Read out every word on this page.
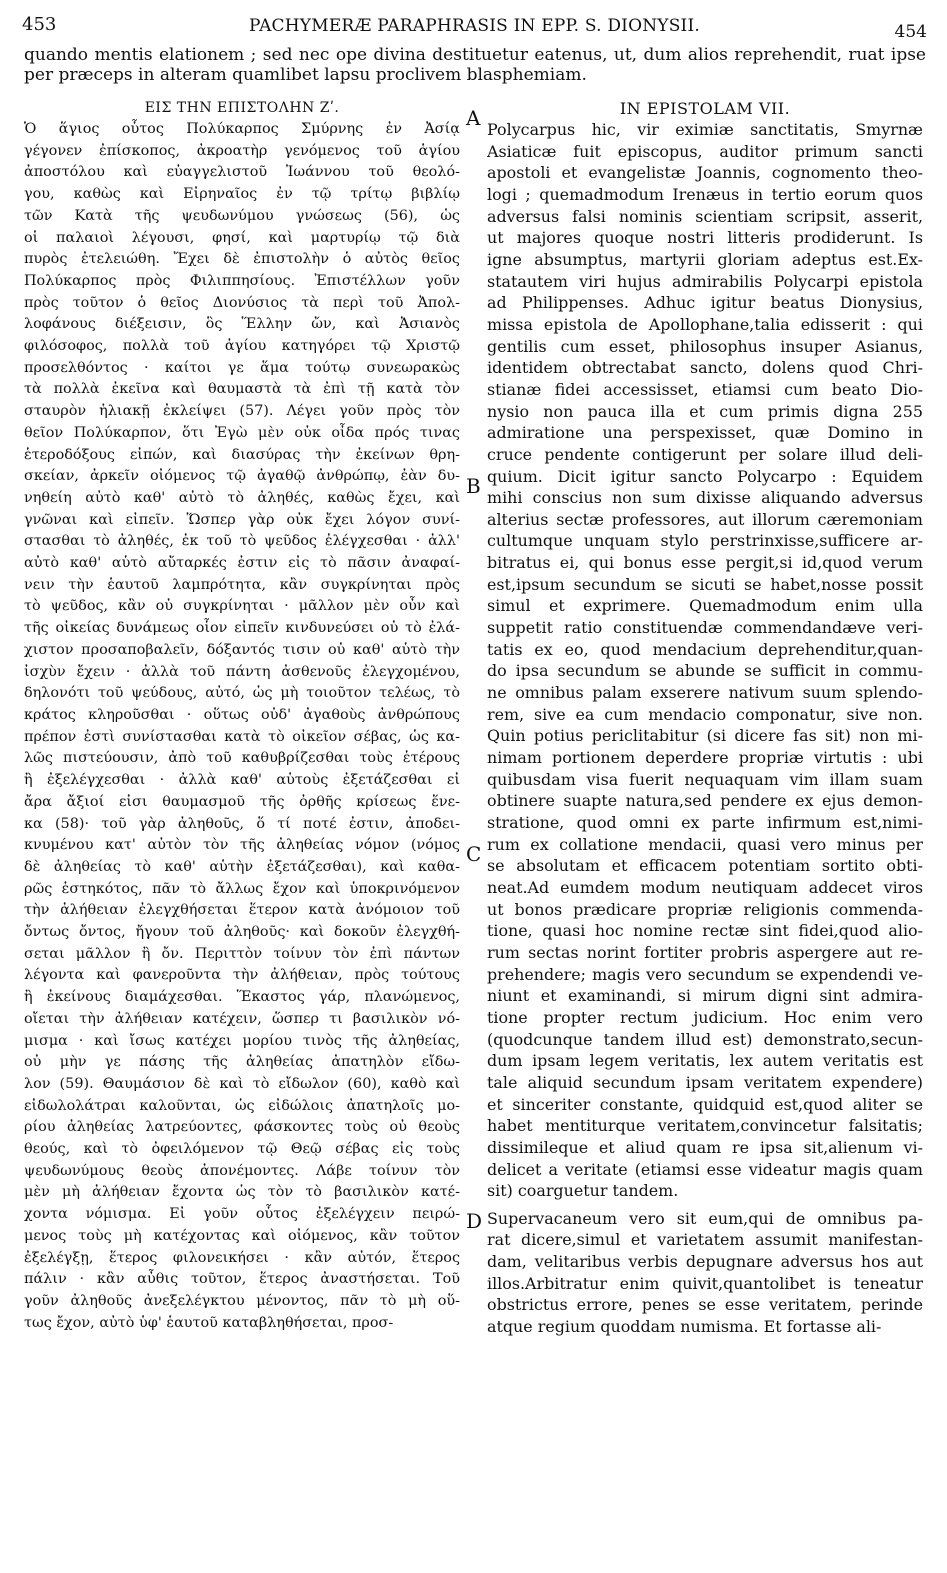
453	PACHYMERÆ PARAPHRASIS IN EPP. S. DIONYSII.	454
quando mentis elationem ; sed nec ope divina destituetur eatenus, ut, dum alios reprehendit, ruat ipse
per præceps in alteram quamlibet lapsu proclivem blasphemiam.
ΕΙΣ ΤΗΝ ΕΠΙΣΤΟΛΗΝ Ζʹ.
Ὁ ἅγιος οὗτος Πολύκαρπος Σμύρνης ἐν Ἀσίᾳ
γέγονεν ἐπίσκοπος, ἀκροατὴρ γενόμενος τοῦ ἁγίου
ἀποστόλου καὶ εὐαγγελιστοῦ Ἰωάννου τοῦ θεολό-
γου, καθὼς καὶ Εἰρηναῖος ἐν τῷ τρίτῳ βιβλίῳ
τῶν Κατὰ τῆς ψευδωνύμου γνώσεως (56), ὡς
οἱ παλαιοὶ λέγουσι, φησί, καὶ μαρτυρίῳ τῷ διὰ
πυρὸς ἐτελειώθη. Ἔχει δὲ ἐπιστολὴν ὁ αὐτὸς θεῖος
Πολύκαρπος πρὸς Φιλιππησίους. Ἐπιστέλλων γοῦν
πρὸς τοῦτον ὁ θεῖος Διονύσιος τὰ περὶ τοῦ Ἀπολ-
λοφάνους διέξεισιν, ὃς Ἕλλην ὤν, καὶ Ἀσιανὸς
φιλόσοφος, πολλὰ τοῦ ἁγίου κατηγόρει τῷ Χριστῷ
προσελθόντος · καίτοι γε ἅμα τούτῳ συνεωρακὼς
τὰ πολλὰ ἐκεῖνα καὶ θαυμαστὰ τὰ ἐπὶ τῇ κατὰ τὸν
σταυρὸν ἡλιακῇ ἐκλείψει (57). Λέγει γοῦν πρὸς τὸν
θεῖον Πολύκαρπον, ὅτι Ἐγὼ μὲν οὐκ οἶδα πρός τινας
ἑτεροδόξους εἰπών, καὶ διασύρας τὴν ἐκείνων θρη-
σκείαν, ἀρκεῖν οἰόμενος τῷ ἀγαθῷ ἀνθρώπῳ, ἐὰν δυ-
νηθείη αὐτὸ καθ' αὐτὸ τὸ ἀληθές, καθὼς ἔχει, καὶ
γνῶναι καὶ εἰπεῖν. Ὥσπερ γὰρ οὐκ ἔχει λόγον συνί-
στασθαι τὸ ἀληθές, ἐκ τοῦ τὸ ψεῦδος ἐλέγχεσθαι · ἀλλ'
αὐτὸ καθ' αὑτὸ αὔταρκές ἐστιν εἰς τὸ πᾶσιν ἀναφαί-
νειν τὴν ἑαυτοῦ λαμπρότητα, κἂν συγκρίνηται πρὸς
τὸ ψεῦδος, κἂν οὐ συγκρίνηται · μᾶλλον μὲν οὖν καὶ
τῆς οἰκείας δυνάμεως οἷον εἰπεῖν κινδυνεύσει οὐ τὸ ἐλά-
χιστον προσαποβαλεῖν, δόξαντός τισιν οὐ καθ' αὑτὸ τὴν
ἰσχὺν ἔχειν · ἀλλὰ τοῦ πάντη ἀσθενοῦς ἐλεγχομένου,
δηλονότι τοῦ ψεύδους, αὐτό, ὡς μὴ τοιοῦτον τελέως, τὸ
κράτος κληροῦσθαι · οὕτως οὐδ' ἀγαθοὺς ἀνθρώπους
πρέπον ἐστὶ συνίστασθαι κατὰ τὸ οἰκεῖον σέβας, ὡς κα-
λῶς πιστεύουσιν, ἀπὸ τοῦ καθυβρίζεσθαι τοὺς ἑτέρους
ἢ ἐξελέγχεσθαι · ἀλλὰ καθ' αὑτοὺς ἐξετάζεσθαι εἰ
ἄρα ἄξιοί εἰσι θαυμασμοῦ τῆς ὀρθῆς κρίσεως ἕνε-
κα (58)· τοῦ γὰρ ἀληθοῦς, ὅ τί ποτέ ἐστιν, ἀποδει-
κνυμένου κατ' αὐτὸν τὸν τῆς ἀληθείας νόμον (νόμος
δὲ ἀληθείας τὸ καθ' αὑτὴν ἐξετάζεσθαι), καὶ καθα-
ρῶς ἑστηκότος, πᾶν τὸ ἄλλως ἔχον καὶ ὑποκρινόμενον
τὴν ἀλήθειαν ἐλεγχθήσεται ἕτερον κατὰ ἀνόμοιον τοῦ
ὄντως ὄντος, ἤγουν τοῦ ἀληθοῦς· καὶ δοκοῦν ἐλεγχθή-
σεται μᾶλλον ἢ ὄν. Περιττὸν τοίνυν τὸν ἐπὶ πάντων
λέγοντα καὶ φανεροῦντα τὴν ἀλήθειαν, πρὸς τούτους
ἢ ἐκείνους διαμάχεσθαι. Ἕκαστος γάρ, πλανώμενος,
οἴεται τὴν ἀλήθειαν κατέχειν, ὥσπερ τι βασιλικὸν νό-
μισμα · καὶ ἴσως κατέχει μορίου τινὸς τῆς ἀληθείας,
οὐ μὴν γε πάσης τῆς ἀληθείας ἀπατηλὸν εἴδω-
λον (59). Θαυμάσιον δὲ καὶ τὸ εἴδωλον (60), καθὸ καὶ
εἰδωλολάτραι καλοῦνται, ὡς εἰδώλοις ἀπατηλοῖς μο-
ρίου ἀληθείας λατρεύοντες, φάσκοντες τοὺς οὐ θεοὺς
θεούς, καὶ τὸ ὀφειλόμενον τῷ Θεῷ σέβας εἰς τοὺς
ψευδωνύμους θεοὺς ἀπονέμοντες. Λάβε τοίνυν τὸν
μὲν μὴ ἀλήθειαν ἔχοντα ὡς τὸν τὸ βασιλικὸν κατέ-
χοντα νόμισμα. Εἰ γοῦν οὗτος ἐξελέγχειν πειρώ-
μενος τοὺς μὴ κατέχοντας καὶ οἰόμενος, κἂν τοῦτον
ἐξελέγξῃ, ἕτερος φιλονεικήσει · κἂν αὐτόν, ἕτερος
πάλιν · κἂν αὖθις τοῦτον, ἕτερος ἀναστήσεται. Τοῦ
γοῦν ἀληθοῦς ἀνεξελέγκτου μένοντος, πᾶν τὸ μὴ οὕ-
τως ἔχον, αὐτὸ ὑφ' ἑαυτοῦ καταβληθήσεται, προσ-
IN EPISTOLAM VII.
Polycarpus hic, vir eximiæ sanctitatis, Smyrnæ
Asiaticæ fuit episcopus, auditor primum sancti
apostoli et evangelistæ Joannis, cognomento theo-
logi ; quemadmodum Irenæus in tertio eorum quos
adversus falsi nominis scientiam scripsit, asserit,
ut majores quoque nostri litteris prodiderunt. Is
igne absumptus, martyrii gloriam adeptus est.Ex-
statautem viri hujus admirabilis Polycarpi epistola
ad Philippenses. Adhuc igitur beatus Dionysius,
missa epistola de Apollophane,talia edisserit : qui
gentilis cum esset, philosophus insuper Asianus,
identidem obtrectabat sancto, dolens quod Chri-
stianæ fidei accessisset, etiamsi cum beato Dio-
nysio non pauca illa et cum primis digna 255
admiratione una perspexisset, quæ Domino in
cruce pendente contigerunt per solare illud deli-
quium. Dicit igitur sancto Polycarpo : Equidem
mihi conscius non sum dixisse aliquando adversus
alterius sectæ professores, aut illorum cæremoniam
cultumque unquam stylo perstrinxisse,sufficere ar-
bitratus ei, qui bonus esse pergit,si id,quod verum
est,ipsum secundum se sicuti se habet,nosse possit
simul et exprimere. Quemadmodum enim ulla
suppetit ratio constituendæ commendandæve veri-
tatis ex eo, quod mendacium deprehenditur,quan-
do ipsa secundum se abunde se sufficit in commu-
ne omnibus palam exserere nativum suum splendo-
rem, sive ea cum mendacio componatur, sive non.
Quin potius periclitabitur (si dicere fas sit) non mi-
nimam portionem deperdere propriæ virtutis : ubi
quibusdam visa fuerit nequaquam vim illam suam
obtinere suapte natura,sed pendere ex ejus demon-
stratione, quod omni ex parte infirmum est,nimi-
rum ex collatione mendacii, quasi vero minus per
se absolutam et efficacem potentiam sortito obti-
neat.Ad eumdem modum neutiquam addecet viros
ut bonos prædicare propriæ religionis commenda-
tione, quasi hoc nomine rectæ sint fidei,quod alio-
rum sectas norint fortiter probris aspergere aut re-
prehendere; magis vero secundum se expendendi ve-
niunt et examinandi, si mirum digni sint admira-
tione propter rectum judicium. Hoc enim vero
(quodcunque tandem illud est) demonstrato,secun-
dum ipsam legem veritatis, lex autem veritatis est
tale aliquid secundum ipsam veritatem expendere)
et sinceriter constante, quidquid est,quod aliter se
habet mentiturque veritatem,convincetur falsitatis;
dissimileque et aliud quam re ipsa sit,alienum vi-
delicet a veritate (etiamsi esse videatur magis quam
sit) coarguetur tandem.
Supervacaneum vero sit eum,qui de omnibus pa-
rat dicere,simul et varietatem assumit manifestan-
dam, velitaribus verbis depugnare adversus hos aut
illos.Arbitratur enim quivit,quantolibet is teneatur
obstrictus errore, penes se esse veritatem, perinde
atque regium quoddam numisma. Et fortasse ali-
A
B
C
D
